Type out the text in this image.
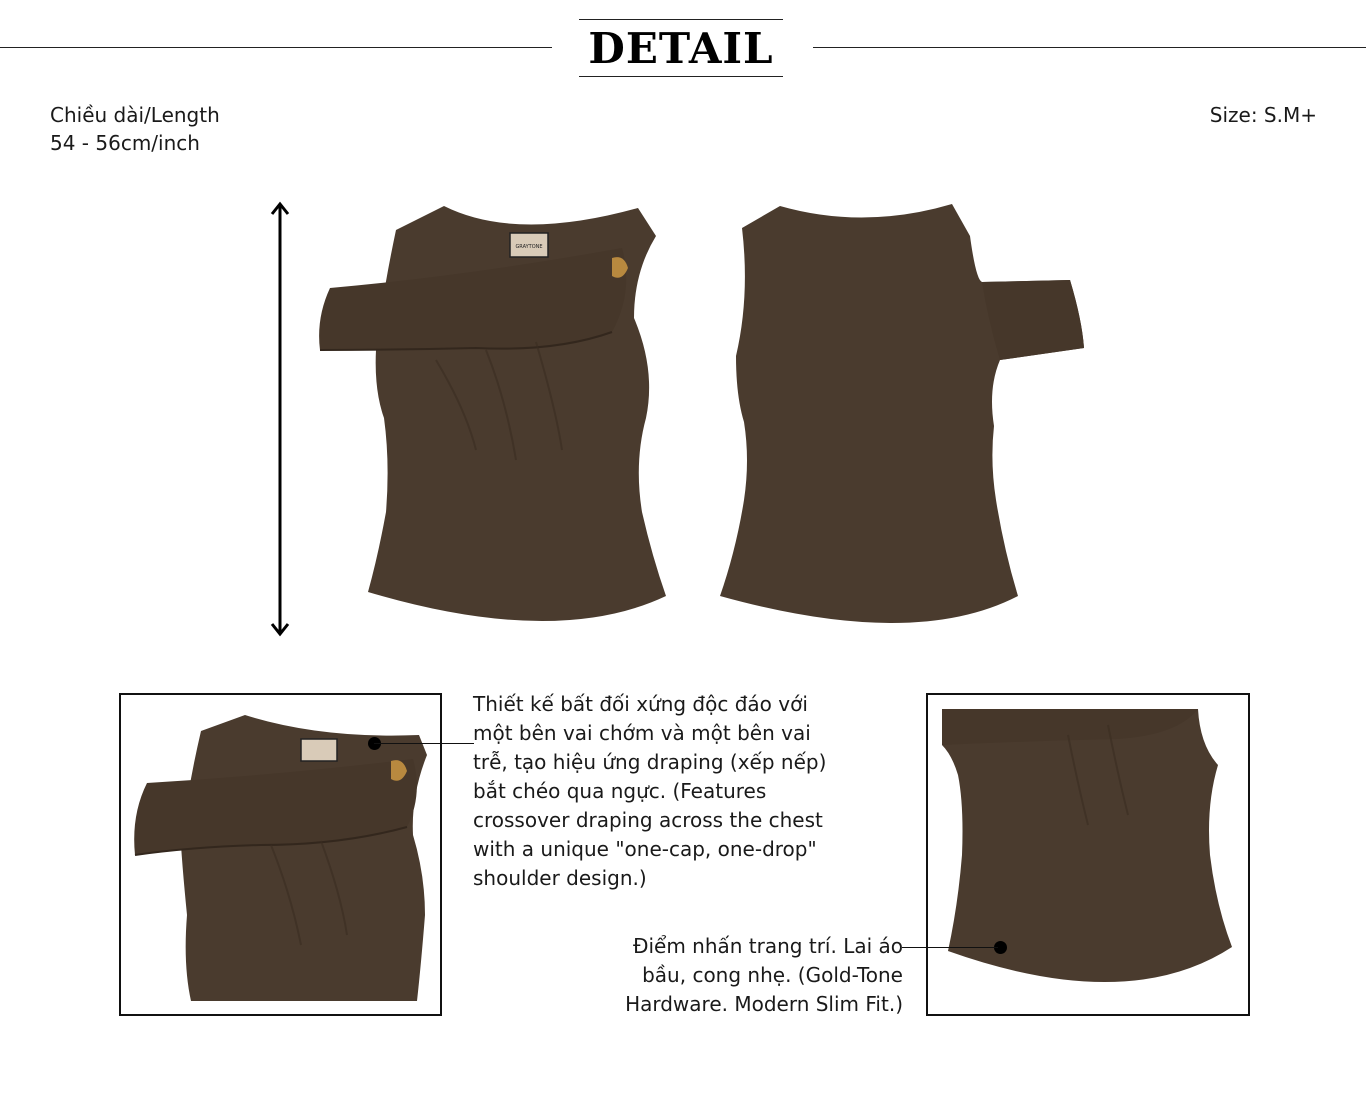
DETAIL
Chiều dài/Length
54 - 56cm/inch
Size: S.M+
GRAYTONE
Thiết kế bất đối xứng độc đáo với
một bên vai chớm và một bên vai
trễ, tạo hiệu ứng draping (xếp nếp)
bắt chéo qua ngực. (Features
crossover draping across the chest
with a unique "one-cap, one-drop"
shoulder design.)
Điểm nhấn trang trí. Lai áo
bầu, cong nhẹ. (Gold-Tone
Hardware. Modern Slim Fit.)
